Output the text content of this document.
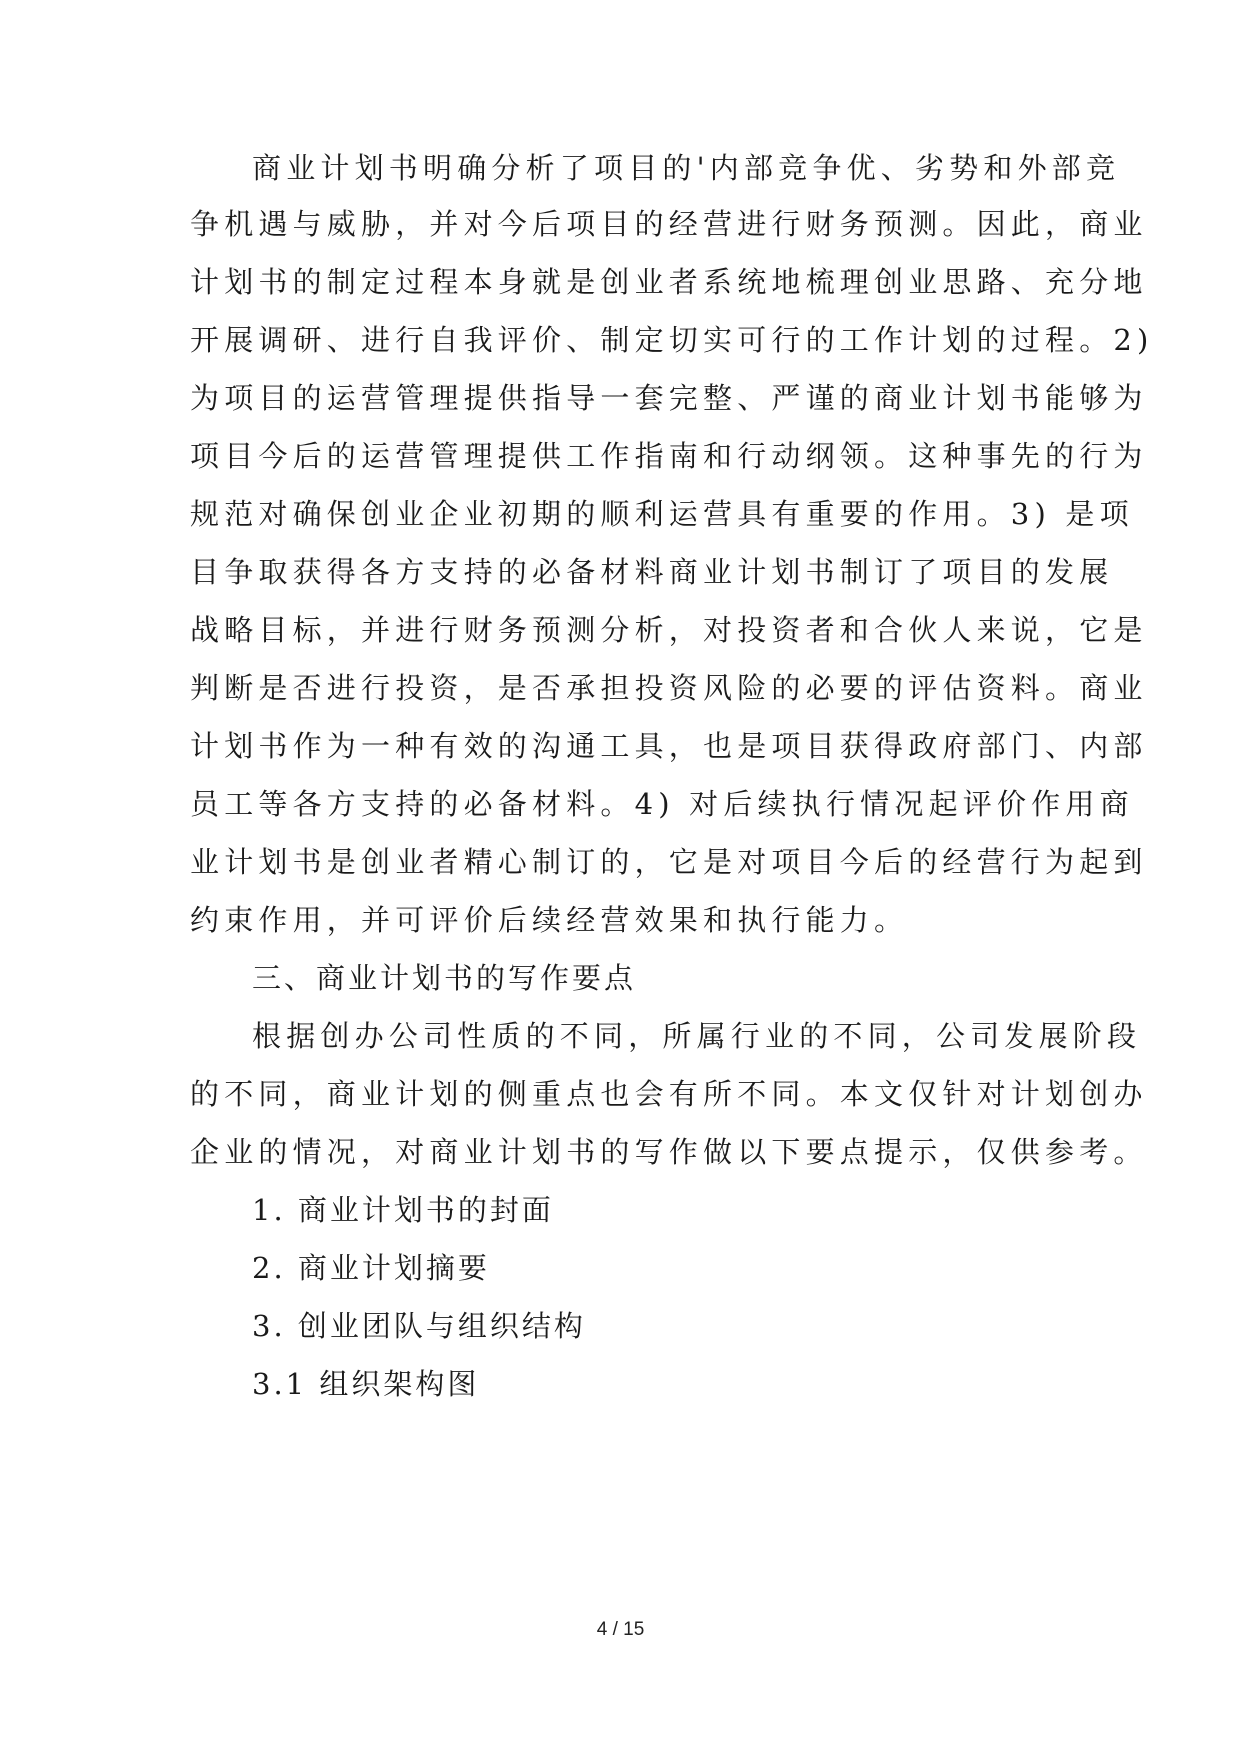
商业计划书明确分析了项目的'内部竞争优、劣势和外部竞
争机遇与威胁，并对今后项目的经营进行财务预测。因此，商业
计划书的制定过程本身就是创业者系统地梳理创业思路、充分地
开展调研、进行自我评价、制定切实可行的工作计划的过程。2)
为项目的运营管理提供指导一套完整、严谨的商业计划书能够为
项目今后的运营管理提供工作指南和行动纲领。这种事先的行为
规范对确保创业企业初期的顺利运营具有重要的作用。3) 是项
目争取获得各方支持的必备材料商业计划书制订了项目的发展
战略目标，并进行财务预测分析，对投资者和合伙人来说，它是
判断是否进行投资，是否承担投资风险的必要的评估资料。商业
计划书作为一种有效的沟通工具，也是项目获得政府部门、内部
员工等各方支持的必备材料。4) 对后续执行情况起评价作用商
业计划书是创业者精心制订的，它是对项目今后的经营行为起到
约束作用，并可评价后续经营效果和执行能力。
三、商业计划书的写作要点
根据创办公司性质的不同，所属行业的不同，公司发展阶段
的不同，商业计划的侧重点也会有所不同。本文仅针对计划创办
企业的情况，对商业计划书的写作做以下要点提示，仅供参考。
1. 商业计划书的封面
2. 商业计划摘要
3. 创业团队与组织结构
3.1 组织架构图
4 / 15
